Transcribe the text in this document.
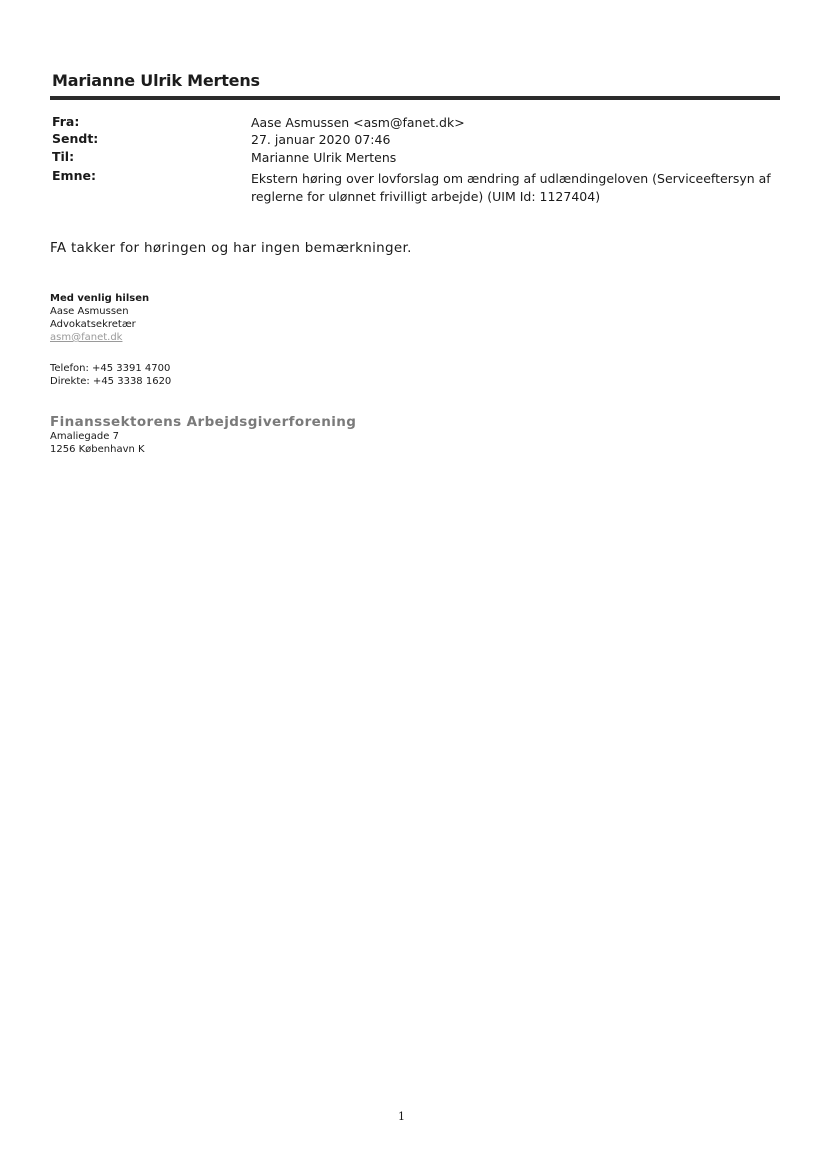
Marianne Ulrik Mertens
Fra:	Aase Asmussen <asm@fanet.dk>
Sendt:	27. januar 2020 07:46
Til:	Marianne Ulrik Mertens
Emne:	Ekstern høring over lovforslag om ændring af udlændingeloven (Serviceeftersyn af reglerne for ulønnet frivilligt arbejde) (UIM Id: 1127404)
FA takker for høringen og har ingen bemærkninger.
Med venlig hilsen
Aase Asmussen
Advokatsekretær
asm@fanet.dk
Telefon: +45 3391 4700
Direkte: +45 3338 1620
Finanssektorens Arbejdsgiverforening
Amaliegade 7
1256 København K
1
